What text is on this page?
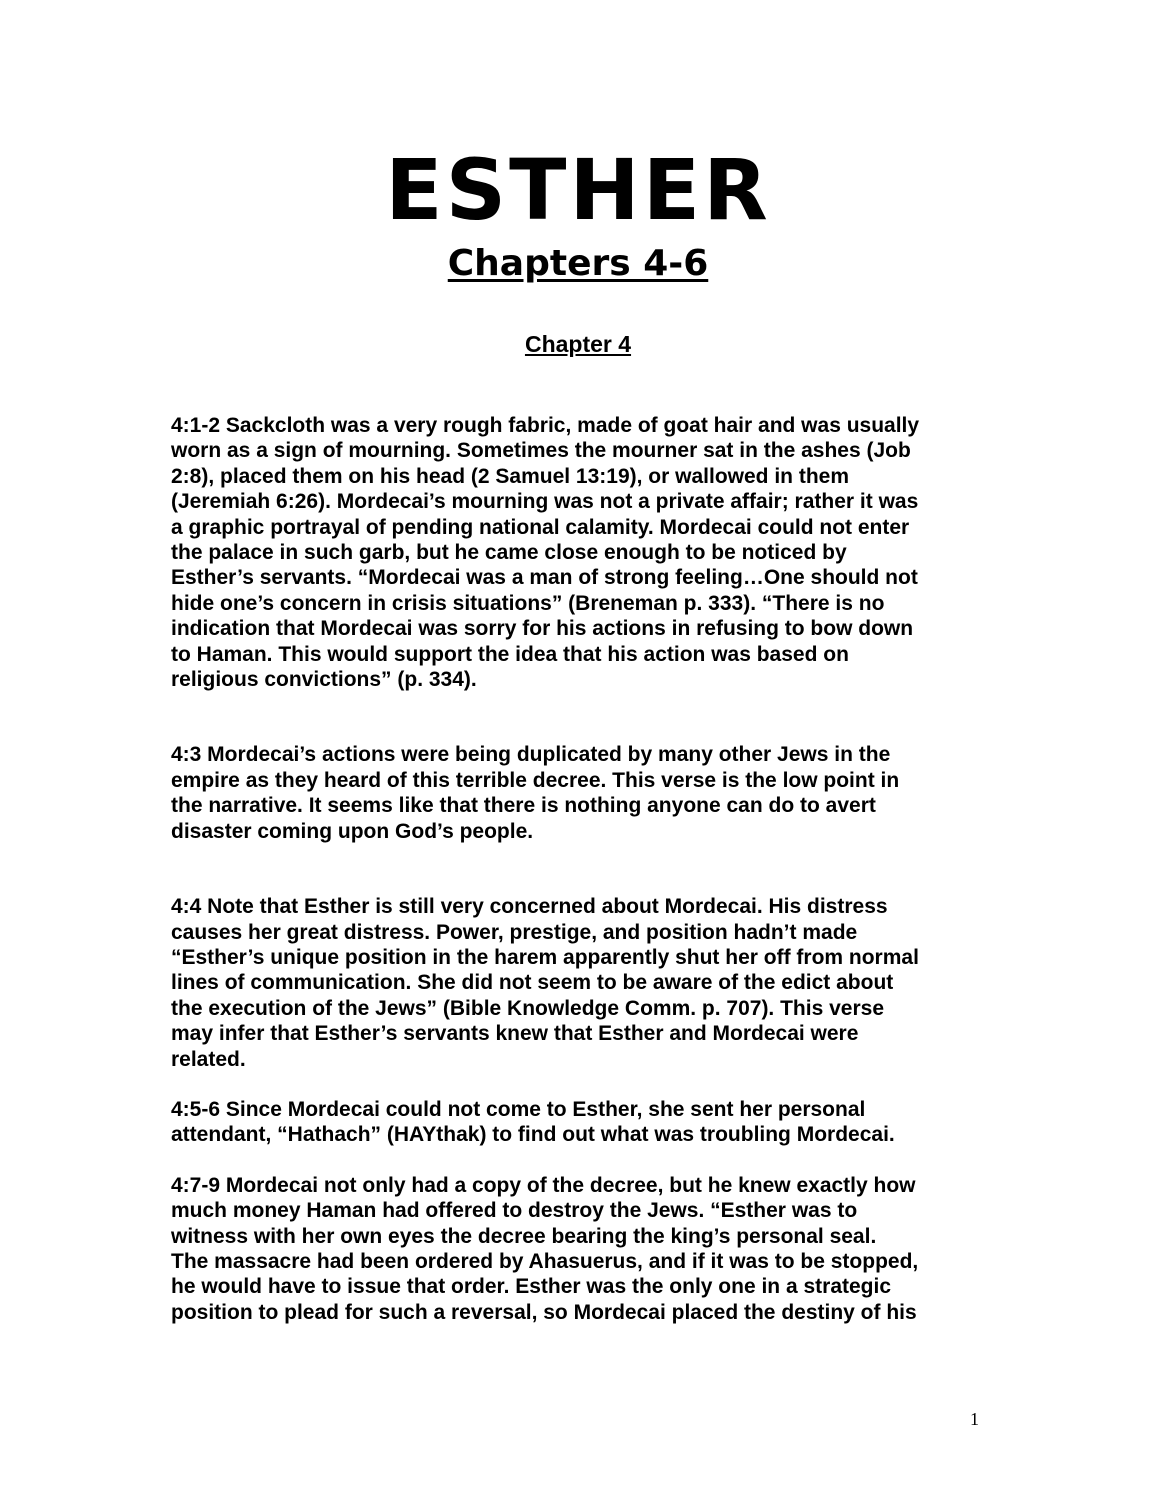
ESTHER
Chapters 4-6
Chapter 4

4:1-2 Sackcloth was a very rough fabric, made of goat hair and was usually
worn as a sign of mourning. Sometimes the mourner sat in the ashes (Job
2:8), placed them on his head (2 Samuel 13:19), or wallowed in them
(Jeremiah 6:26). Mordecai’s mourning was not a private affair; rather it was
a graphic portrayal of pending national calamity. Mordecai could not enter
the palace in such garb, but he came close enough to be noticed by
Esther’s servants. “Mordecai was a man of strong feeling…One should not
hide one’s concern in crisis situations” (Breneman p. 333). “There is no
indication that Mordecai was sorry for his actions in refusing to bow down
to Haman. This would support the idea that his action was based on
religious convictions” (p. 334).

4:3 Mordecai’s actions were being duplicated by many other Jews in the
empire as they heard of this terrible decree. This verse is the low point in
the narrative. It seems like that there is nothing anyone can do to avert
disaster coming upon God’s people.

4:4 Note that Esther is still very concerned about Mordecai. His distress
causes her great distress. Power, prestige, and position hadn’t made
“Esther’s unique position in the harem apparently shut her off from normal
lines of communication. She did not seem to be aware of the edict about
the execution of the Jews” (Bible Knowledge Comm. p. 707). This verse
may infer that Esther’s servants knew that Esther and Mordecai were
related.

4:5-6 Since Mordecai could not come to Esther, she sent her personal
attendant, “Hathach” (HAYthak) to find out what was troubling Mordecai.

4:7-9 Mordecai not only had a copy of the decree, but he knew exactly how
much money Haman had offered to destroy the Jews. “Esther was to
witness with her own eyes the decree bearing the king’s personal seal.
The massacre had been ordered by Ahasuerus, and if it was to be stopped,
he would have to issue that order. Esther was the only one in a strategic
position to plead for such a reversal, so Mordecai placed the destiny of his

1
